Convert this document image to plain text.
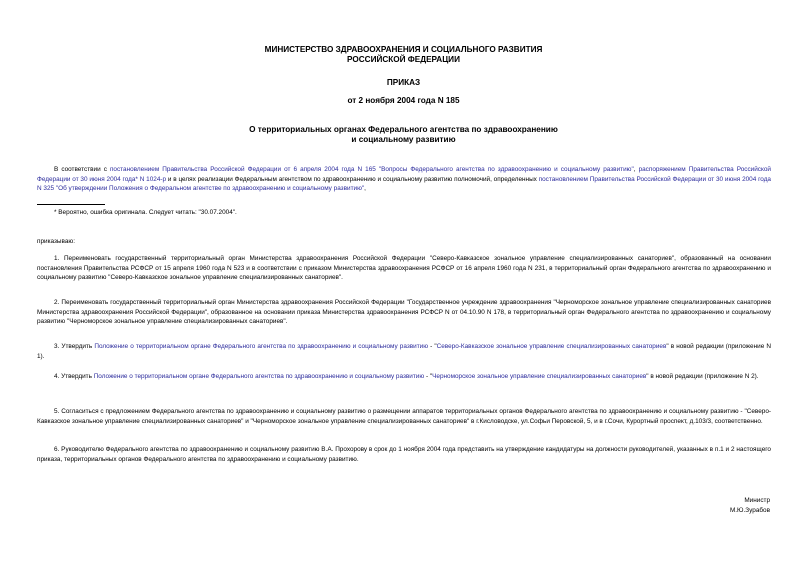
МИНИСТЕРСТВО ЗДРАВООХРАНЕНИЯ И СОЦИАЛЬНОГО РАЗВИТИЯ
РОССИЙСКОЙ ФЕДЕРАЦИИ
ПРИКАЗ
от 2 ноября 2004 года N 185
О территориальных органах Федерального агентства по здравоохранению
и социальному развитию
В соответствии с постановлением Правительства Российской Федерации от 6 апреля 2004 года N 165 "Вопросы Федерального агентства по здравоохранению и социальному развитию", распоряжением Правительства Российской Федерации от 30 июня 2004 года* N 1024-р и в целях реализации Федеральным агентством по здравоохранению и социальному развитию полномочий, определенных постановлением Правительства Российской Федерации от 30 июня 2004 года N 325 "Об утверждении Положения о Федеральном агентстве по здравоохранению и социальному развитию",
* Вероятно, ошибка оригинала. Следует читать: "30.07.2004".
приказываю:
1. Переименовать государственный территориальный орган Министерства здравоохранения Российской Федерации "Северо-Кавказское зональное управление специализированных санаториев", образованный на основании постановления Правительства РСФСР от 15 апреля 1960 года N 523 и в соответствии с приказом Министерства здравоохранения РСФСР от 16 апреля 1960 года N 231, в территориальный орган Федерального агентства по здравоохранению и социальному развитию "Северо-Кавказское зональное управление специализированных санаториев".
2. Переименовать государственный территориальный орган Министерства здравоохранения Российской Федерации "Государственное учреждение здравоохранения "Черноморское зональное управление специализированных санаториев Министерства здравоохранения Российской Федерации", образованное на основании приказа Министерства здравоохранения РСФСР N от 04.10.90 N 178, в территориальный орган Федерального агентства по здравоохранению и социальному развитию "Черноморское зональное управление специализированных санаториев".
3. Утвердить Положение о территориальном органе Федерального агентства по здравоохранению и социальному развитию - "Северо-Кавказское зональное управление специализированных санаториев" в новой редакции (приложение N 1).
4. Утвердить Положение о территориальном органе Федерального агентства по здравоохранению и социальному развитию - "Черноморское зональное управление специализированных санаториев" в новой редакции (приложение N 2).
5. Согласиться с предложением Федерального агентства по здравоохранению и социальному развитию о размещении аппаратов территориальных органов Федерального агентства по здравоохранению и социальному развитию - "Северо-Кавказское зональное управление специализированных санаториев" и "Черноморское зональное управление специализированных санаториев" в г.Кисловодске, ул.Софьи Перовской, 5, и в г.Сочи, Курортный проспект, д.103/3, соответственно.
6. Руководителю Федерального агентства по здравоохранению и социальному развитию В.А. Прохорову в срок до 1 ноября 2004 года представить на утверждение кандидатуры на должности руководителей, указанных в п.1 и 2 настоящего приказа, территориальных органов Федерального агентства по здравоохранению и социальному развитию.
Министр
М.Ю.Зурабов
